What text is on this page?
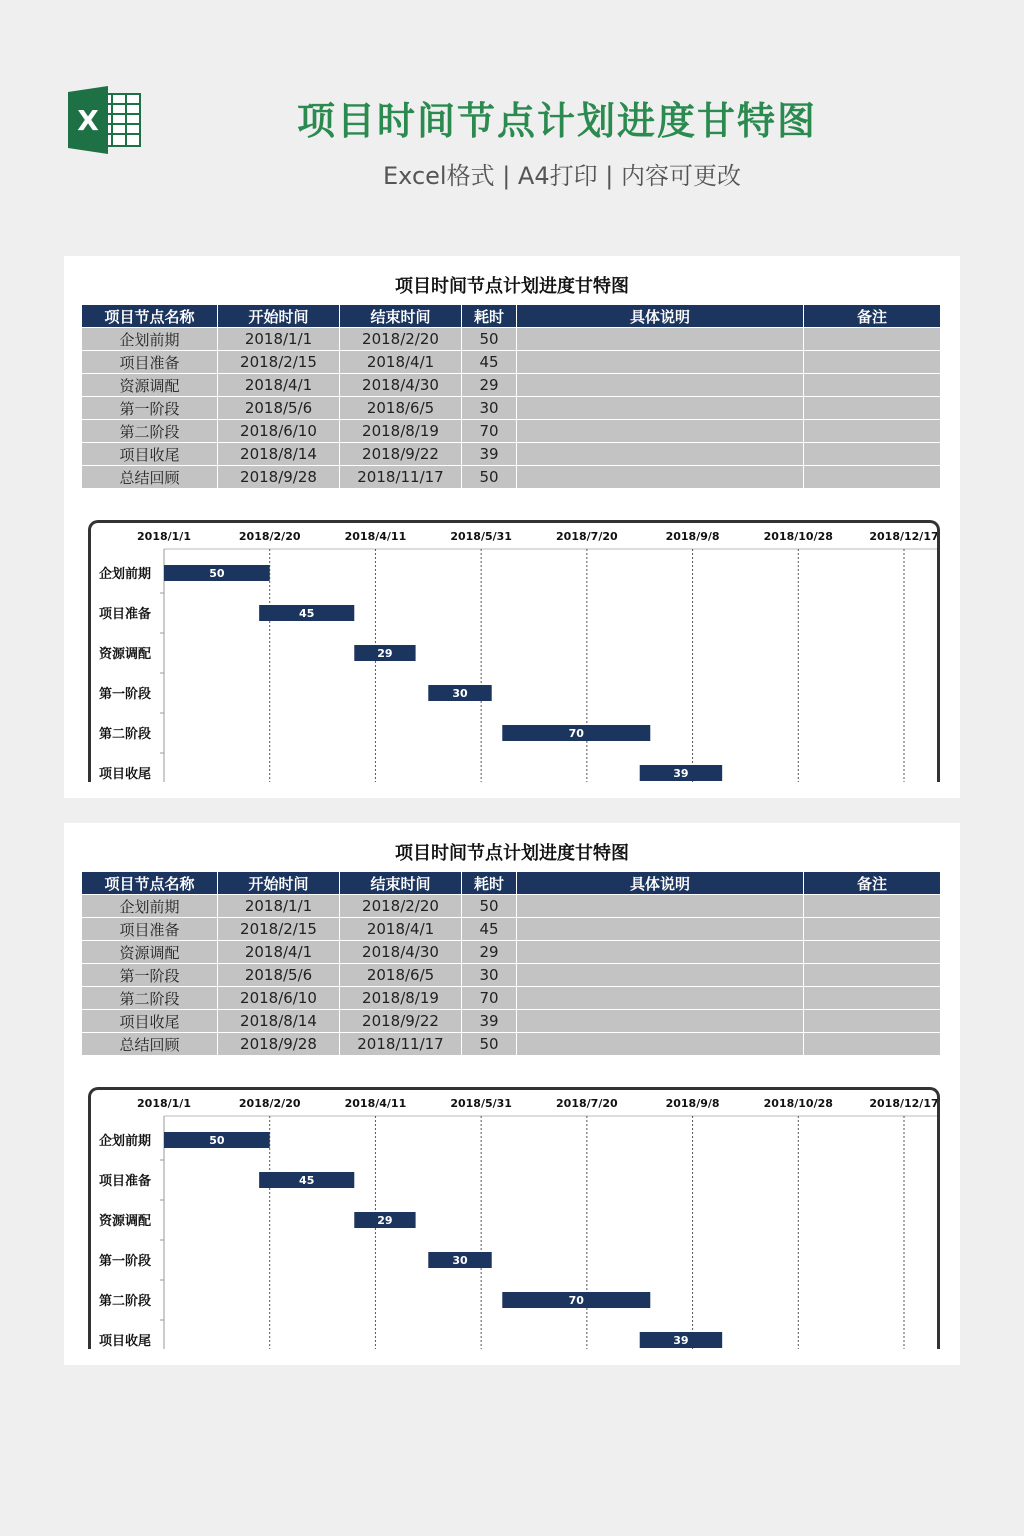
X	项目时间节点计划进度甘特图
Excel格式 | A4打印 | 内容可更改
项目时间节点计划进度甘特图
项目节点名称	开始时间	结束时间	耗时	具体说明	备注
企划前期	2018/1/1	2018/2/20	50		
项目准备	2018/2/15	2018/4/1	45		
资源调配	2018/4/1	2018/4/30	29		
第一阶段	2018/5/6	2018/6/5	30		
第二阶段	2018/6/10	2018/8/19	70		
项目收尾	2018/8/14	2018/9/22	39		
总结回顾	2018/9/28	2018/11/17	50		
2018/1/1	2018/2/20	2018/4/11	2018/5/31	2018/7/20	2018/9/8	2018/10/28	2018/12/17
企划前期	50
项目准备	45
资源调配	29
第一阶段	30
第二阶段	70
项目收尾	39
项目时间节点计划进度甘特图
项目节点名称	开始时间	结束时间	耗时	具体说明	备注
企划前期	2018/1/1	2018/2/20	50		
项目准备	2018/2/15	2018/4/1	45		
资源调配	2018/4/1	2018/4/30	29		
第一阶段	2018/5/6	2018/6/5	30		
第二阶段	2018/6/10	2018/8/19	70		
项目收尾	2018/8/14	2018/9/22	39		
总结回顾	2018/9/28	2018/11/17	50		
2018/1/1	2018/2/20	2018/4/11	2018/5/31	2018/7/20	2018/9/8	2018/10/28	2018/12/17
企划前期	50
项目准备	45
资源调配	29
第一阶段	30
第二阶段	70
项目收尾	39
